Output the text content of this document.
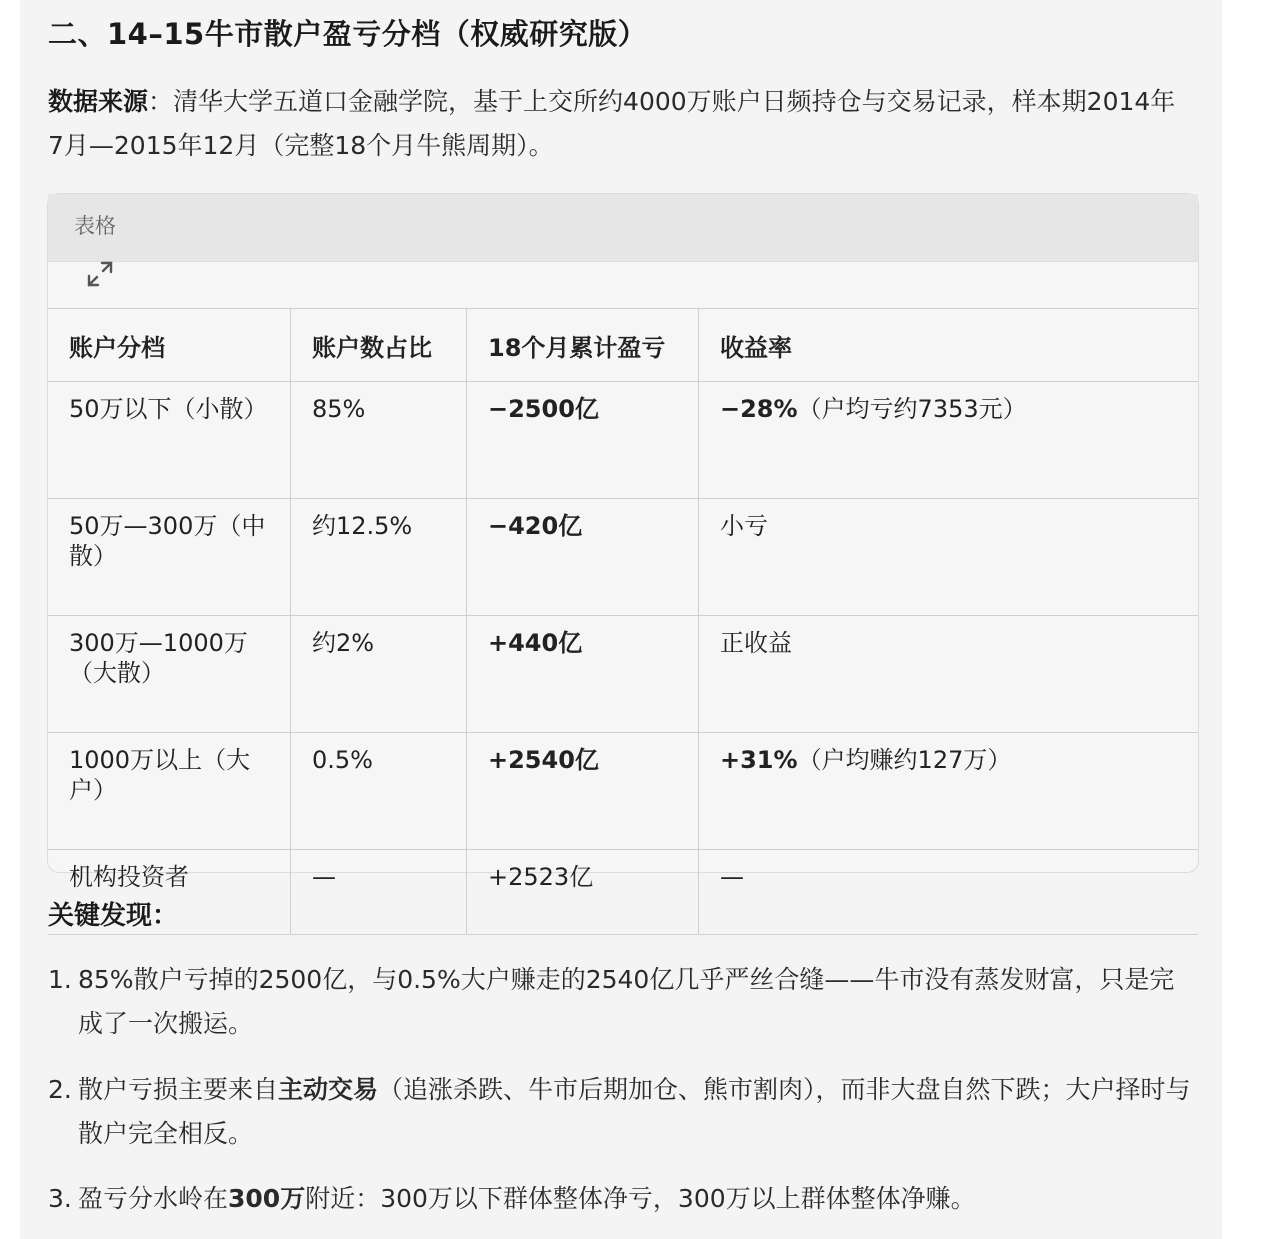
二、14–15牛市散户盈亏分档（权威研究版）
数据来源：清华大学五道口金融学院，基于上交所约4000万账户日频持仓与交易记录，样本期2014年7月—2015年12月（完整18个月牛熊周期）。
表格
账户分档	账户数占比	18个月累计盈亏	收益率
50万以下（小散）	85%	−2500亿	−28%（户均亏约7353元）
50万—300万（中散）	约12.5%	−420亿	小亏
300万—1000万（大散）	约2%	+440亿	正收益
1000万以上（大户）	0.5%	+2540亿	+31%（户均赚约127万）
机构投资者	—	+2523亿	—
关键发现：
1. 85%散户亏掉的2500亿，与0.5%大户赚走的2540亿几乎严丝合缝——牛市没有蒸发财富，只是完成了一次搬运。
2. 散户亏损主要来自主动交易（追涨杀跌、牛市后期加仓、熊市割肉），而非大盘自然下跌；大户择时与散户完全相反。
3. 盈亏分水岭在300万附近：300万以下群体整体净亏，300万以上群体整体净赚。
